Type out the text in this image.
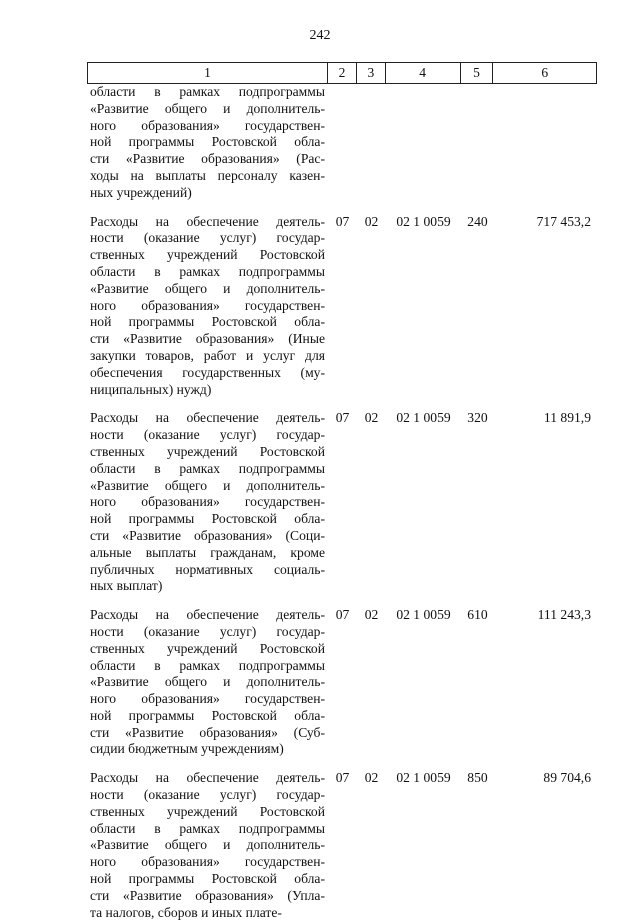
242
1	2	3	4	5	6
области в рамках подпрограммы
«Развитие общего и дополнитель-
ного образования» государствен-
ной программы Ростовской обла-
сти «Развитие образования» (Рас-
ходы на выплаты персоналу казен-
ных учреждений)
Расходы на обеспечение деятель-
ности (оказание услуг) государ-
ственных учреждений Ростовской
области в рамках подпрограммы
«Развитие общего и дополнитель-
ного образования» государствен-
ной программы Ростовской обла-
сти «Развитие образования» (Иные
закупки товаров, работ и услуг для
обеспечения государственных (му-
ниципальных) нужд)
07	02	02 1 0059	240	717 453,2
Расходы на обеспечение деятель-
ности (оказание услуг) государ-
ственных учреждений Ростовской
области в рамках подпрограммы
«Развитие общего и дополнитель-
ного образования» государствен-
ной программы Ростовской обла-
сти «Развитие образования» (Соци-
альные выплаты гражданам, кроме
публичных нормативных социаль-
ных выплат)
07	02	02 1 0059	320	11 891,9
Расходы на обеспечение деятель-
ности (оказание услуг) государ-
ственных учреждений Ростовской
области в рамках подпрограммы
«Развитие общего и дополнитель-
ного образования» государствен-
ной программы Ростовской обла-
сти «Развитие образования» (Суб-
сидии бюджетным учреждениям)
07	02	02 1 0059	610	111 243,3
Расходы на обеспечение деятель-
ности (оказание услуг) государ-
ственных учреждений Ростовской
области в рамках подпрограммы
«Развитие общего и дополнитель-
ного образования» государствен-
ной программы Ростовской обла-
сти «Развитие образования» (Упла-
та налогов, сборов и иных плате-
07	02	02 1 0059	850	89 704,6
